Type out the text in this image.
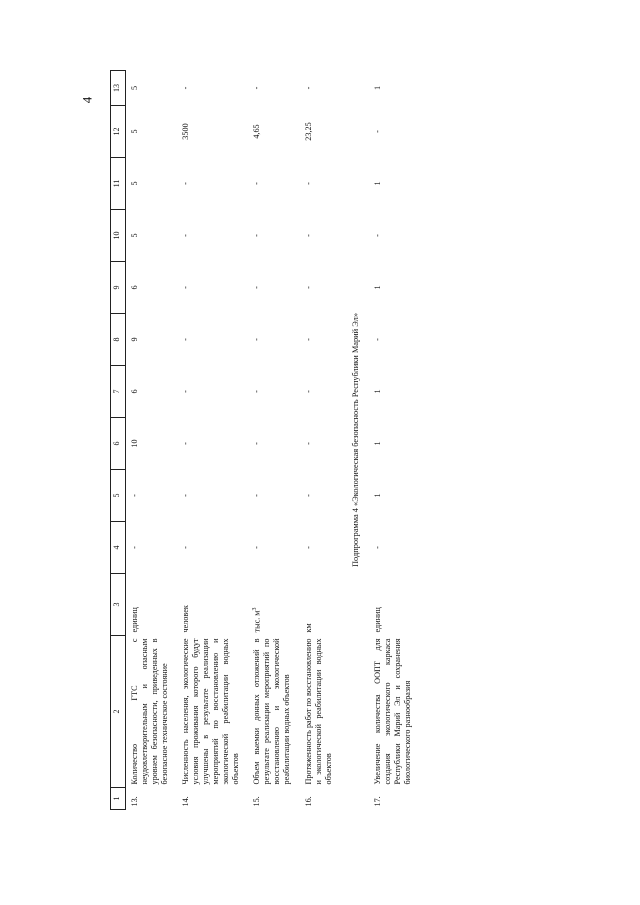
4
1	2	3	4	5	6	7	8	9	10	11	12	13
13.	Количество ГТС с неудовлетворительным и опасным уровнем безопасности, приведенных в безопасное техническое состояние	единиц	-	-	10	6	9	6	5	5	5	5
14.	Численность населения, экологические условия проживания которого будут улучшены в результате реализации мероприятий по восстановлению и экологической реабилитации водных объектов	человек	-	-	-	-	-	-	-	-	3500	-
15.	Объем выемки донных отложений в результате реализации мероприятий по восстановлению и экологической реабилитации водных объектов	тыс. $м^3$	-	-	-	-	-	-	-	-	4,65	-
16.	Протяженность работ по восстановлению и экологической реабилитации водных объектов	км	-	-	-	-	-	-	-	-	23,25	-
Подпрограмма 4 «Экологическая безопасность Республики Марий Эл»												
17.	Увеличение количества ООПТ для создания экологического каркаса Республики Марий Эл и сохранения биологического разнообразия	единиц	-	1	1	1	-	1	-	1	-	1
